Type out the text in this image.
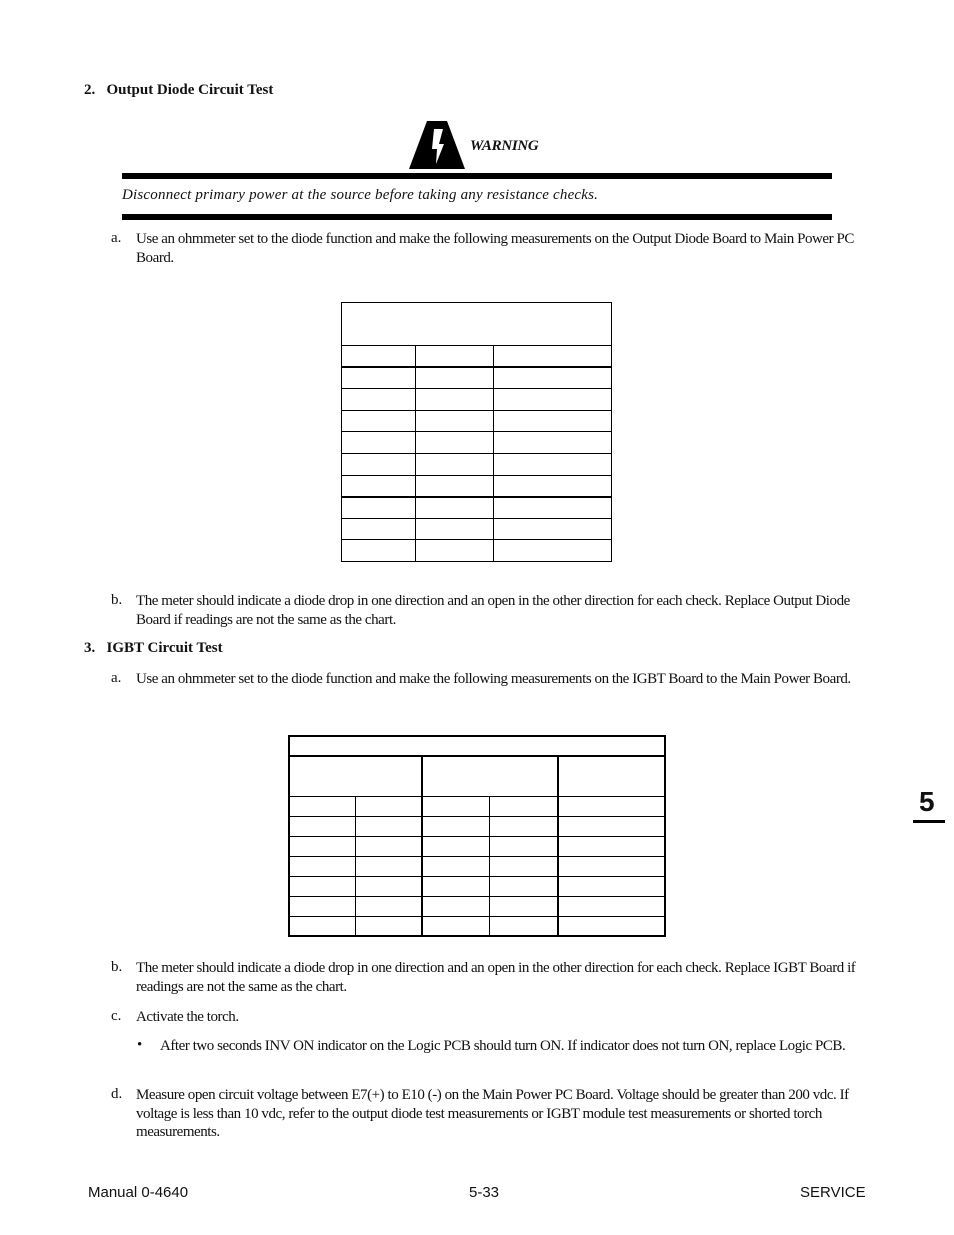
2.   Output Diode Circuit Test
WARNING
Disconnect primary power at the source before taking any resistance checks.
a. Use an ohmmeter set to the diode function and make the following measurements on the Output Diode Board to Main Power PC Board.

b. The meter should indicate a diode drop in one direction and an open in the other direction for each check. Replace Output Diode Board if readings are not the same as the chart.
3.   IGBT Circuit Test
a. Use an ohmmeter set to the diode function and make the following measurements on the IGBT Board to the Main Power Board.

5
b. The meter should indicate a diode drop in one direction and an open in the other direction for each check. Replace IGBT Board if readings are not the same as the chart.
c. Activate the torch.
• After two seconds INV ON indicator on the Logic PCB should turn ON. If indicator does not turn ON, replace Logic PCB.
d. Measure open circuit voltage between E7(+) to E10 (-) on the Main Power PC Board. Voltage should be greater than 200 vdc. If voltage is less than 10 vdc, refer to the output diode test measurements or IGBT module test measurements or shorted torch measurements.
Manual 0-4640	5-33	SERVICE
